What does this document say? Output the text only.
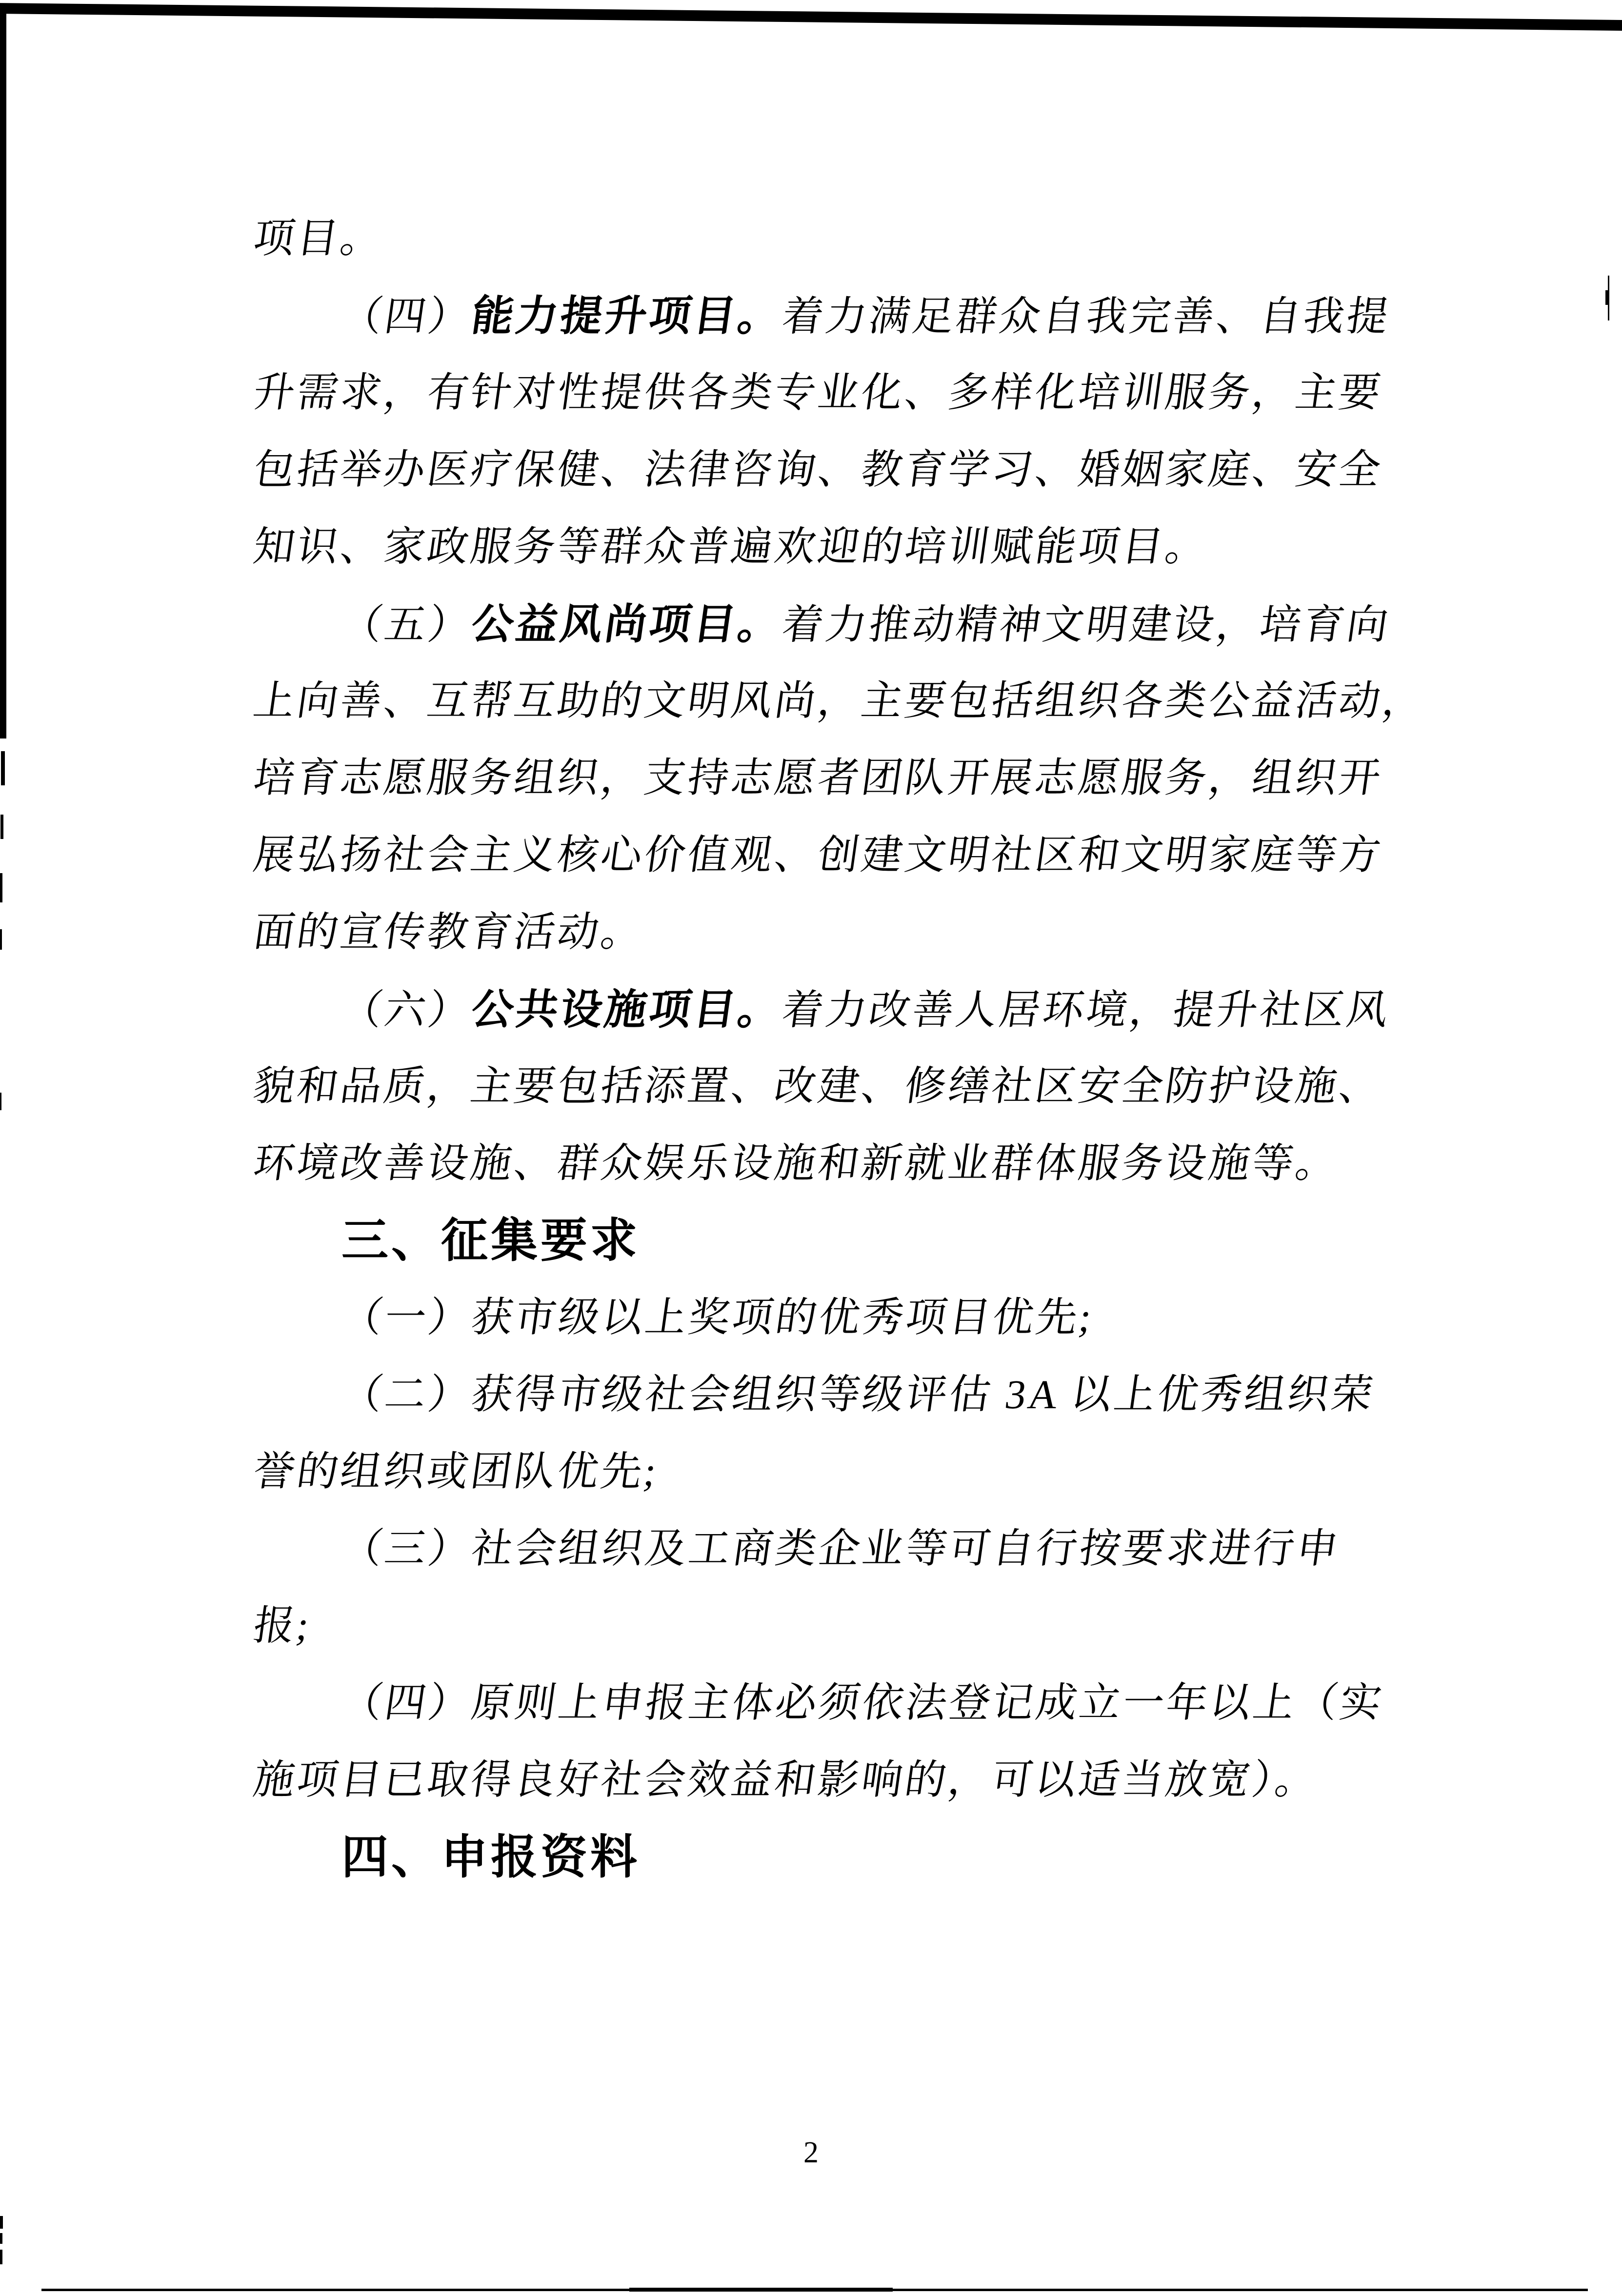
项目。
（四）能力提升项目。着力满足群众自我完善、自我提
升需求，有针对性提供各类专业化、多样化培训服务，主要
包括举办医疗保健、法律咨询、教育学习、婚姻家庭、安全
知识、家政服务等群众普遍欢迎的培训赋能项目。
（五）公益风尚项目。着力推动精神文明建设，培育向
上向善、互帮互助的文明风尚，主要包括组织各类公益活动，
培育志愿服务组织，支持志愿者团队开展志愿服务，组织开
展弘扬社会主义核心价值观、创建文明社区和文明家庭等方
面的宣传教育活动。
（六）公共设施项目。着力改善人居环境，提升社区风
貌和品质，主要包括添置、改建、修缮社区安全防护设施、
环境改善设施、群众娱乐设施和新就业群体服务设施等。
三、征集要求
（一）获市级以上奖项的优秀项目优先;
（二）获得市级社会组织等级评估 3A 以上优秀组织荣
誉的组织或团队优先;
（三）社会组织及工商类企业等可自行按要求进行申
报;
（四）原则上申报主体必须依法登记成立一年以上（实
施项目已取得良好社会效益和影响的，可以适当放宽）。
四、申报资料
2
